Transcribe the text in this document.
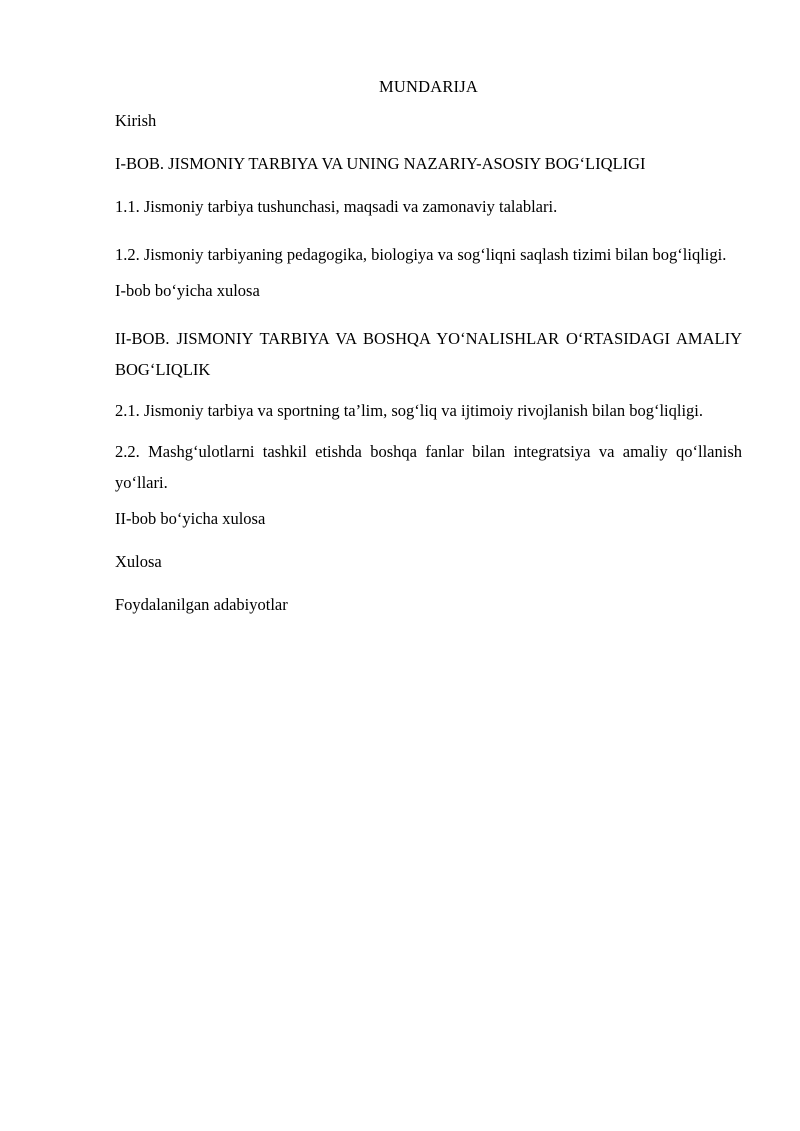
MUNDARIJA
Kirish
I-BOB. JISMONIY TARBIYA VA UNING NAZARIY-ASOSIY BOG‘LIQLIGI
1.1. Jismoniy tarbiya tushunchasi, maqsadi va zamonaviy talablari.
1.2. Jismoniy tarbiyaning pedagogika, biologiya va sog‘liqni saqlash tizimi bilan bog‘liqligi.
I-bob bo‘yicha xulosa
II-BOB. JISMONIY TARBIYA VA BOSHQA YO‘NALISHLAR O‘RTASIDAGI AMALIY BOG‘LIQLIK
2.1. Jismoniy tarbiya va sportning ta’lim, sog‘liq va ijtimoiy rivojlanish bilan bog‘liqligi.
2.2. Mashg‘ulotlarni tashkil etishda boshqa fanlar bilan integratsiya va amaliy qo‘llanish yo‘llari.
II-bob bo‘yicha xulosa
Xulosa
Foydalanilgan adabiyotlar
